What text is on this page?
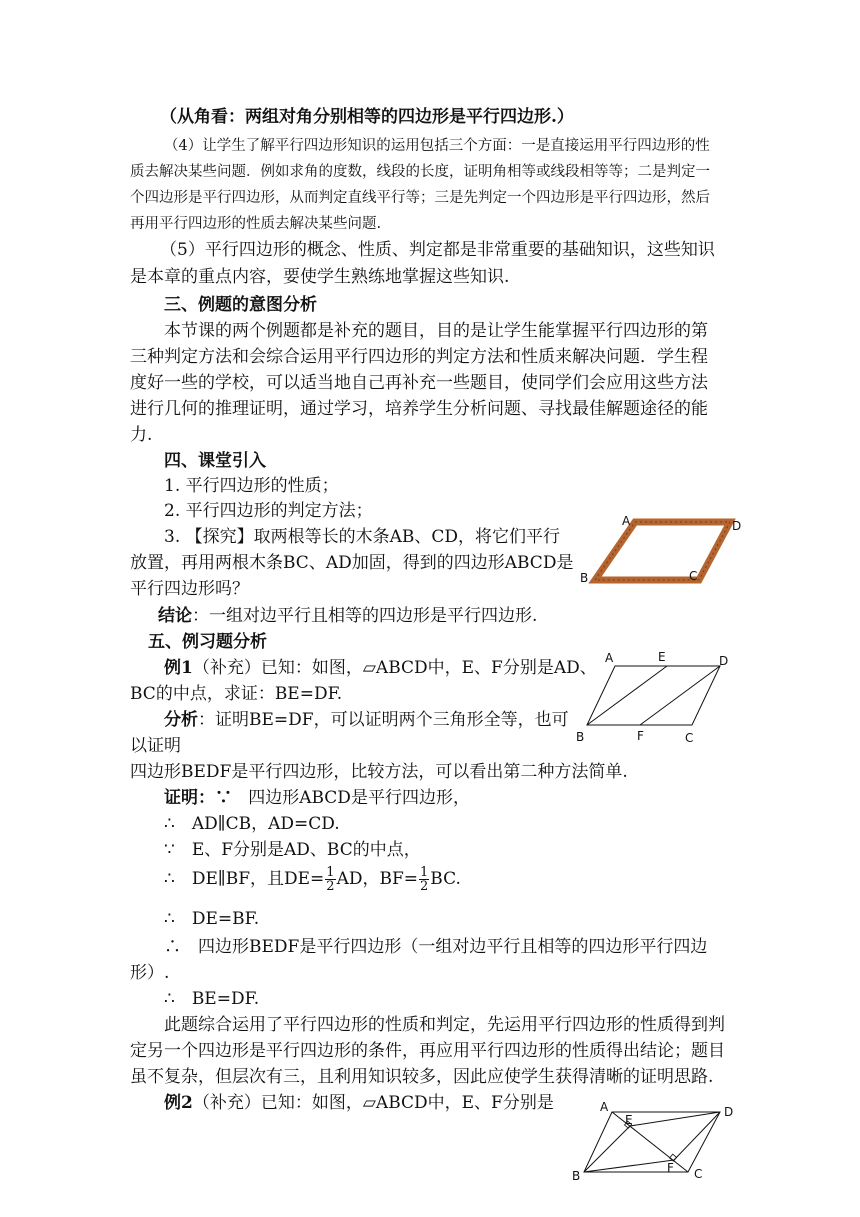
（从角看：两组对角分别相等的四边形是平行四边形.）
（4）让学生了解平行四边形知识的运用包括三个方面：一是直接运用平行四边形的性
质去解决某些问题．例如求角的度数，线段的长度，证明角相等或线段相等等；二是判定一
个四边形是平行四边形，从而判定直线平行等；三是先判定一个四边形是平行四边形，然后
再用平行四边形的性质去解决某些问题.
（5）平行四边形的概念、性质、判定都是非常重要的基础知识，这些知识
是本章的重点内容，要使学生熟练地掌握这些知识.
三、例题的意图分析
本节课的两个例题都是补充的题目，目的是让学生能掌握平行四边形的第
三种判定方法和会综合运用平行四边形的判定方法和性质来解决问题．学生程
度好一些的学校，可以适当地自己再补充一些题目，使同学们会应用这些方法
进行几何的推理证明，通过学习，培养学生分析问题、寻找最佳解题途径的能
力.
四、课堂引入
1. 平行四边形的性质；
2. 平行四边形的判定方法；
3. 【探究】取两根等长的木条AB、CD，将它们平行
放置，再用两根木条BC、AD加固，得到的四边形ABCD是
平行四边形吗？
结论：一组对边平行且相等的四边形是平行四边形.
五、例习题分析
例1（补充）已知：如图，▱ABCD中，E、F分别是AD、
BC的中点，求证：BE=DF.
分析：证明BE=DF，可以证明两个三角形全等，也可
以证明
四边形BEDF是平行四边形，比较方法，可以看出第二种方法简单.
证明：∵ 四边形ABCD是平行四边形，
∴　AD∥CB，AD=CD.
∵　E、F分别是AD、BC的中点，
∴　DE∥BF，且$DE= \frac{1}{2}$ AD，$BF= \frac{1}{2}$ BC.
∴　DE=BF.
∴　四边形BEDF是平行四边形（一组对边平行且相等的四边形平行四边
形）.
∴　BE=DF.
此题综合运用了平行四边形的性质和判定，先运用平行四边形的性质得到判
定另一个四边形是平行四边形的条件，再应用平行四边形的性质得出结论；题目
虽不复杂，但层次有三，且利用知识较多，因此应使学生获得清晰的证明思路.
例2（补充）已知：如图，▱ABCD中，E、F分别是
A	D
B	C
A	E	D
B	F	C
A
E
D
B
F C
